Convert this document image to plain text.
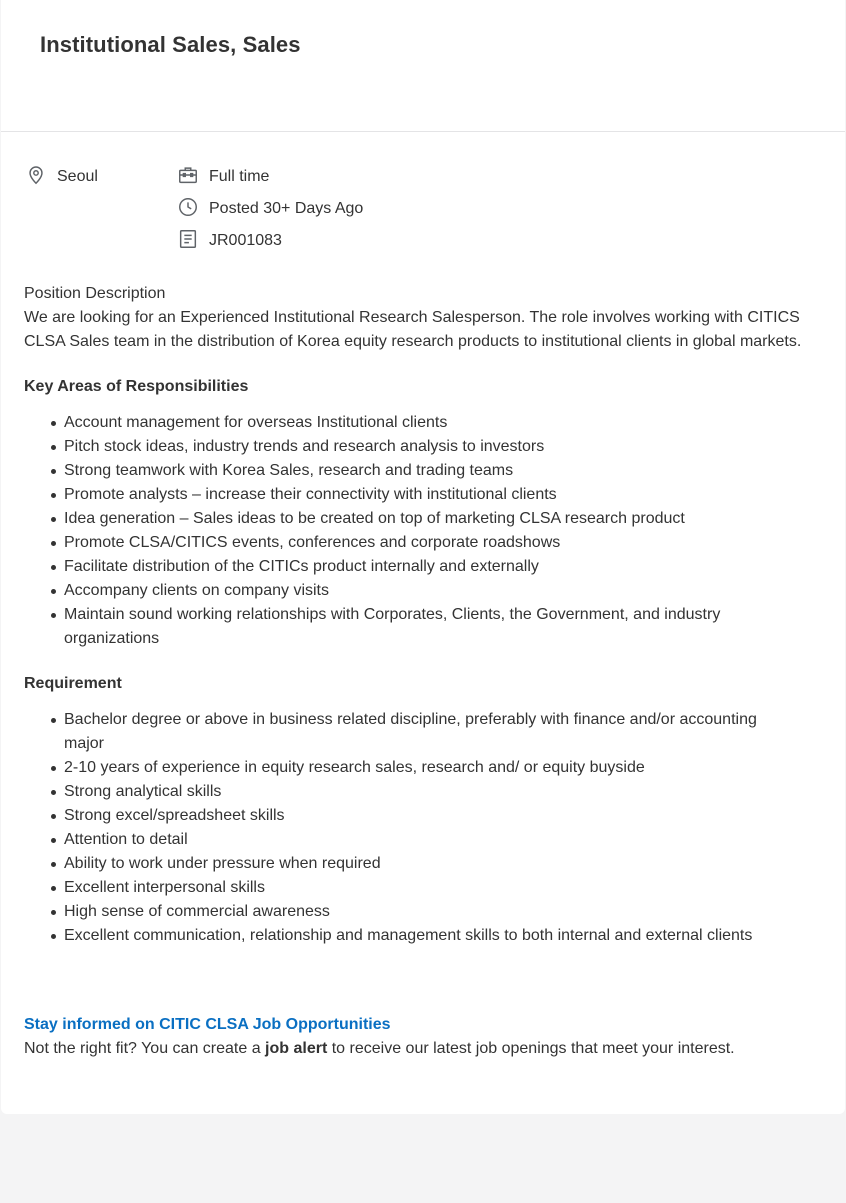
Institutional Sales, Sales
Seoul	Full time
Posted 30+ Days Ago
JR001083

Position Description

We are looking for an Experienced Institutional Research Salesperson. The role involves working with CITICS CLSA Sales team in the distribution of Korea equity research products to institutional clients in global markets.

Key Areas of Responsibilities

Account management for overseas Institutional clients
Pitch stock ideas, industry trends and research analysis to investors
Strong teamwork with Korea Sales, research and trading teams
Promote analysts – increase their connectivity with institutional clients
Idea generation – Sales ideas to be created on top of marketing CLSA research product
Promote CLSA/CITICS events, conferences and corporate roadshows
Facilitate distribution of the CITICs product internally and externally
Accompany clients on company visits
Maintain sound working relationships with Corporates, Clients, the Government, and industry organizations

Requirement

Bachelor degree or above in business related discipline, preferably with finance and/or accounting major
2-10 years of experience in equity research sales, research and/ or equity buyside
Strong analytical skills
Strong excel/spreadsheet skills
Attention to detail
Ability to work under pressure when required
Excellent interpersonal skills
High sense of commercial awareness
Excellent communication, relationship and management skills to both internal and external clients

Stay informed on CITIC CLSA Job Opportunities

Not the right fit? You can create a job alert to receive our latest job openings that meet your interest.
